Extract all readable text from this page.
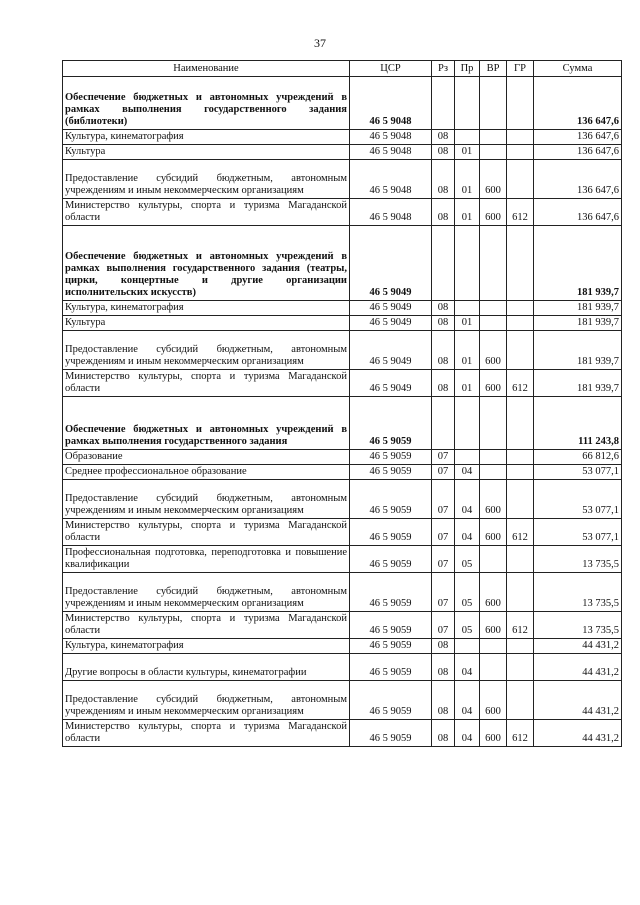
37
Наименование	ЦСР	Рз	Пр	ВР	ГР	Сумма
Обеспечение бюджетных и автономных учреждений в рамках выполнения государственного задания (библиотеки)	46 5 9048					136 647,6
Культура, кинематография	46 5 9048	08				136 647,6
Культура	46 5 9048	08	01			136 647,6
Предоставление субсидий бюджетным, автономным учреждениям и иным некоммерческим организациям	46 5 9048	08	01	600		136 647,6
Министерство культуры, спорта и туризма Магаданской области	46 5 9048	08	01	600	612	136 647,6
Обеспечение бюджетных и автономных учреждений в рамках выполнения государственного задания (театры, цирки, концертные и другие организации исполнительских искусств)	46 5 9049					181 939,7
Культура, кинематография	46 5 9049	08				181 939,7
Культура	46 5 9049	08	01			181 939,7
Предоставление субсидий бюджетным, автономным учреждениям и иным некоммерческим организациям	46 5 9049	08	01	600		181 939,7
Министерство культуры, спорта и туризма Магаданской области	46 5 9049	08	01	600	612	181 939,7
Обеспечение бюджетных и автономных учреждений в рамках выполнения государственного задания	46 5 9059					111 243,8
Образование	46 5 9059	07				66 812,6
Среднее профессиональное образование	46 5 9059	07	04			53 077,1
Предоставление субсидий бюджетным, автономным учреждениям и иным некоммерческим организациям	46 5 9059	07	04	600		53 077,1
Министерство культуры, спорта и туризма Магаданской области	46 5 9059	07	04	600	612	53 077,1
Профессиональная подготовка, переподготовка и повышение квалификации	46 5 9059	07	05			13 735,5
Предоставление субсидий бюджетным, автономным учреждениям и иным некоммерческим организациям	46 5 9059	07	05	600		13 735,5
Министерство культуры, спорта и туризма Магаданской области	46 5 9059	07	05	600	612	13 735,5
Культура, кинематография	46 5 9059	08				44 431,2
Другие вопросы в области культуры, кинематографии	46 5 9059	08	04			44 431,2
Предоставление субсидий бюджетным, автономным учреждениям и иным некоммерческим организациям	46 5 9059	08	04	600		44 431,2
Министерство культуры, спорта и туризма Магаданской области	46 5 9059	08	04	600	612	44 431,2
